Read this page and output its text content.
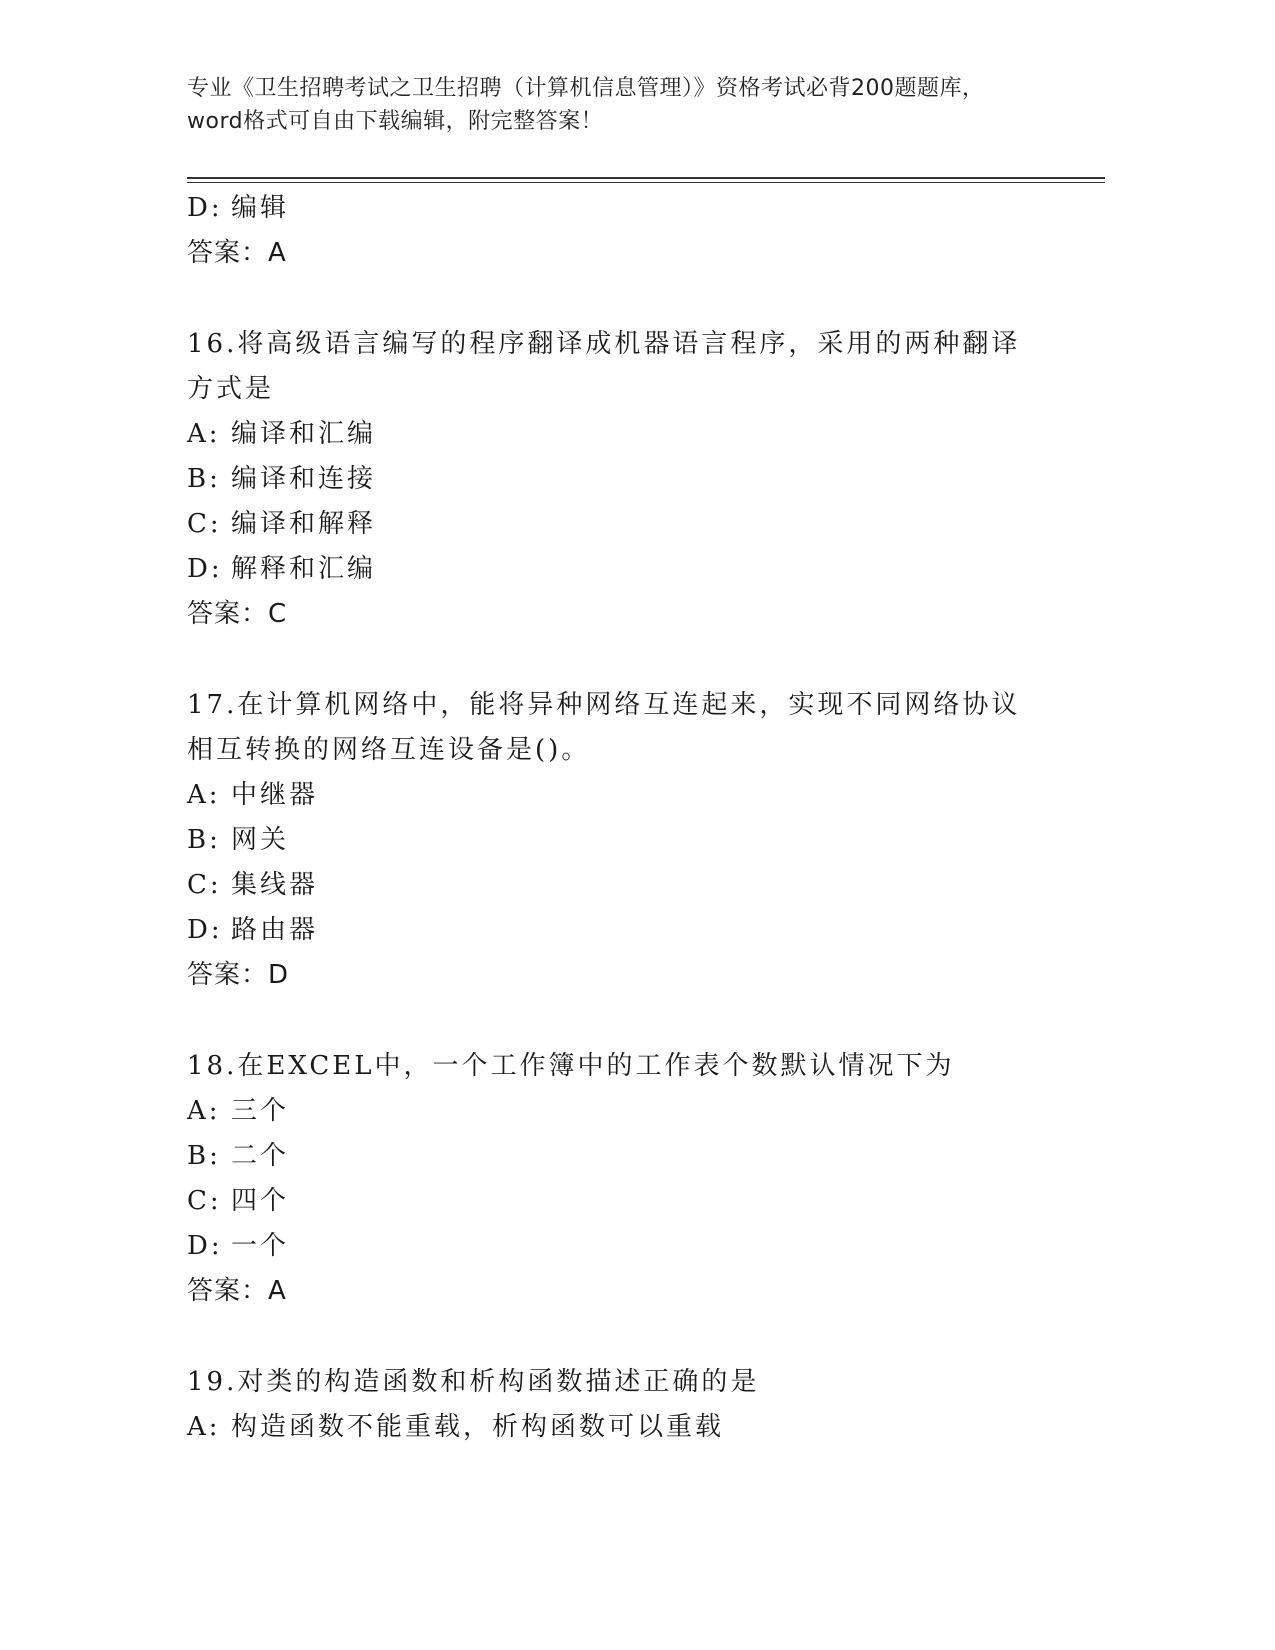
专业《卫生招聘考试之卫生招聘（计算机信息管理）》资格考试必背200题题库，
word格式可自由下载编辑，附完整答案！
D: 编辑
答案：A
16.将高级语言编写的程序翻译成机器语言程序，采用的两种翻译方式是
A: 编译和汇编
B: 编译和连接
C: 编译和解释
D: 解释和汇编
答案：C
17.在计算机网络中，能将异种网络互连起来，实现不同网络协议相互转换的网络互连设备是()。
A: 中继器
B: 网关
C: 集线器
D: 路由器
答案：D
18.在EXCEL中，一个工作簿中的工作表个数默认情况下为
A: 三个
B: 二个
C: 四个
D: 一个
答案：A
19.对类的构造函数和析构函数描述正确的是
A: 构造函数不能重载，析构函数可以重载
